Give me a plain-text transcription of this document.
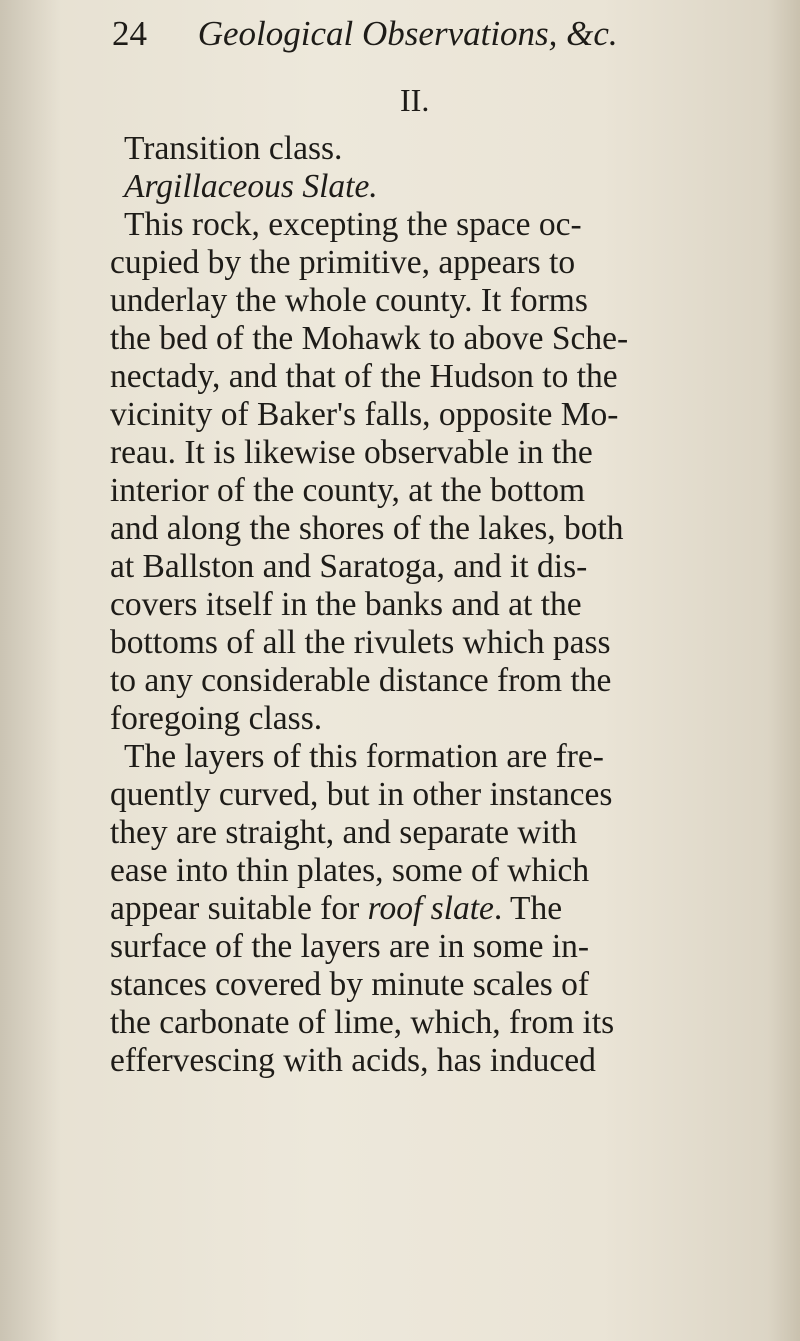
24 Geological Observations, &c.
II.
Transition class.
Argillaceous Slate.
This rock, excepting the space oc-
cupied by the primitive, appears to
underlay the whole county. It forms
the bed of the Mohawk to above Sche-
nectady, and that of the Hudson to the
vicinity of Baker's falls, opposite Mo-
reau. It is likewise observable in the
interior of the county, at the bottom
and along the shores of the lakes, both
at Ballston and Saratoga, and it dis-
covers itself in the banks and at the
bottoms of all the rivulets which pass
to any considerable distance from the
foregoing class.
The layers of this formation are fre-
quently curved, but in other instances
they are straight, and separate with
ease into thin plates, some of which
appear suitable for roof slate. The
surface of the layers are in some in-
stances covered by minute scales of
the carbonate of lime, which, from its
effervescing with acids, has induced
